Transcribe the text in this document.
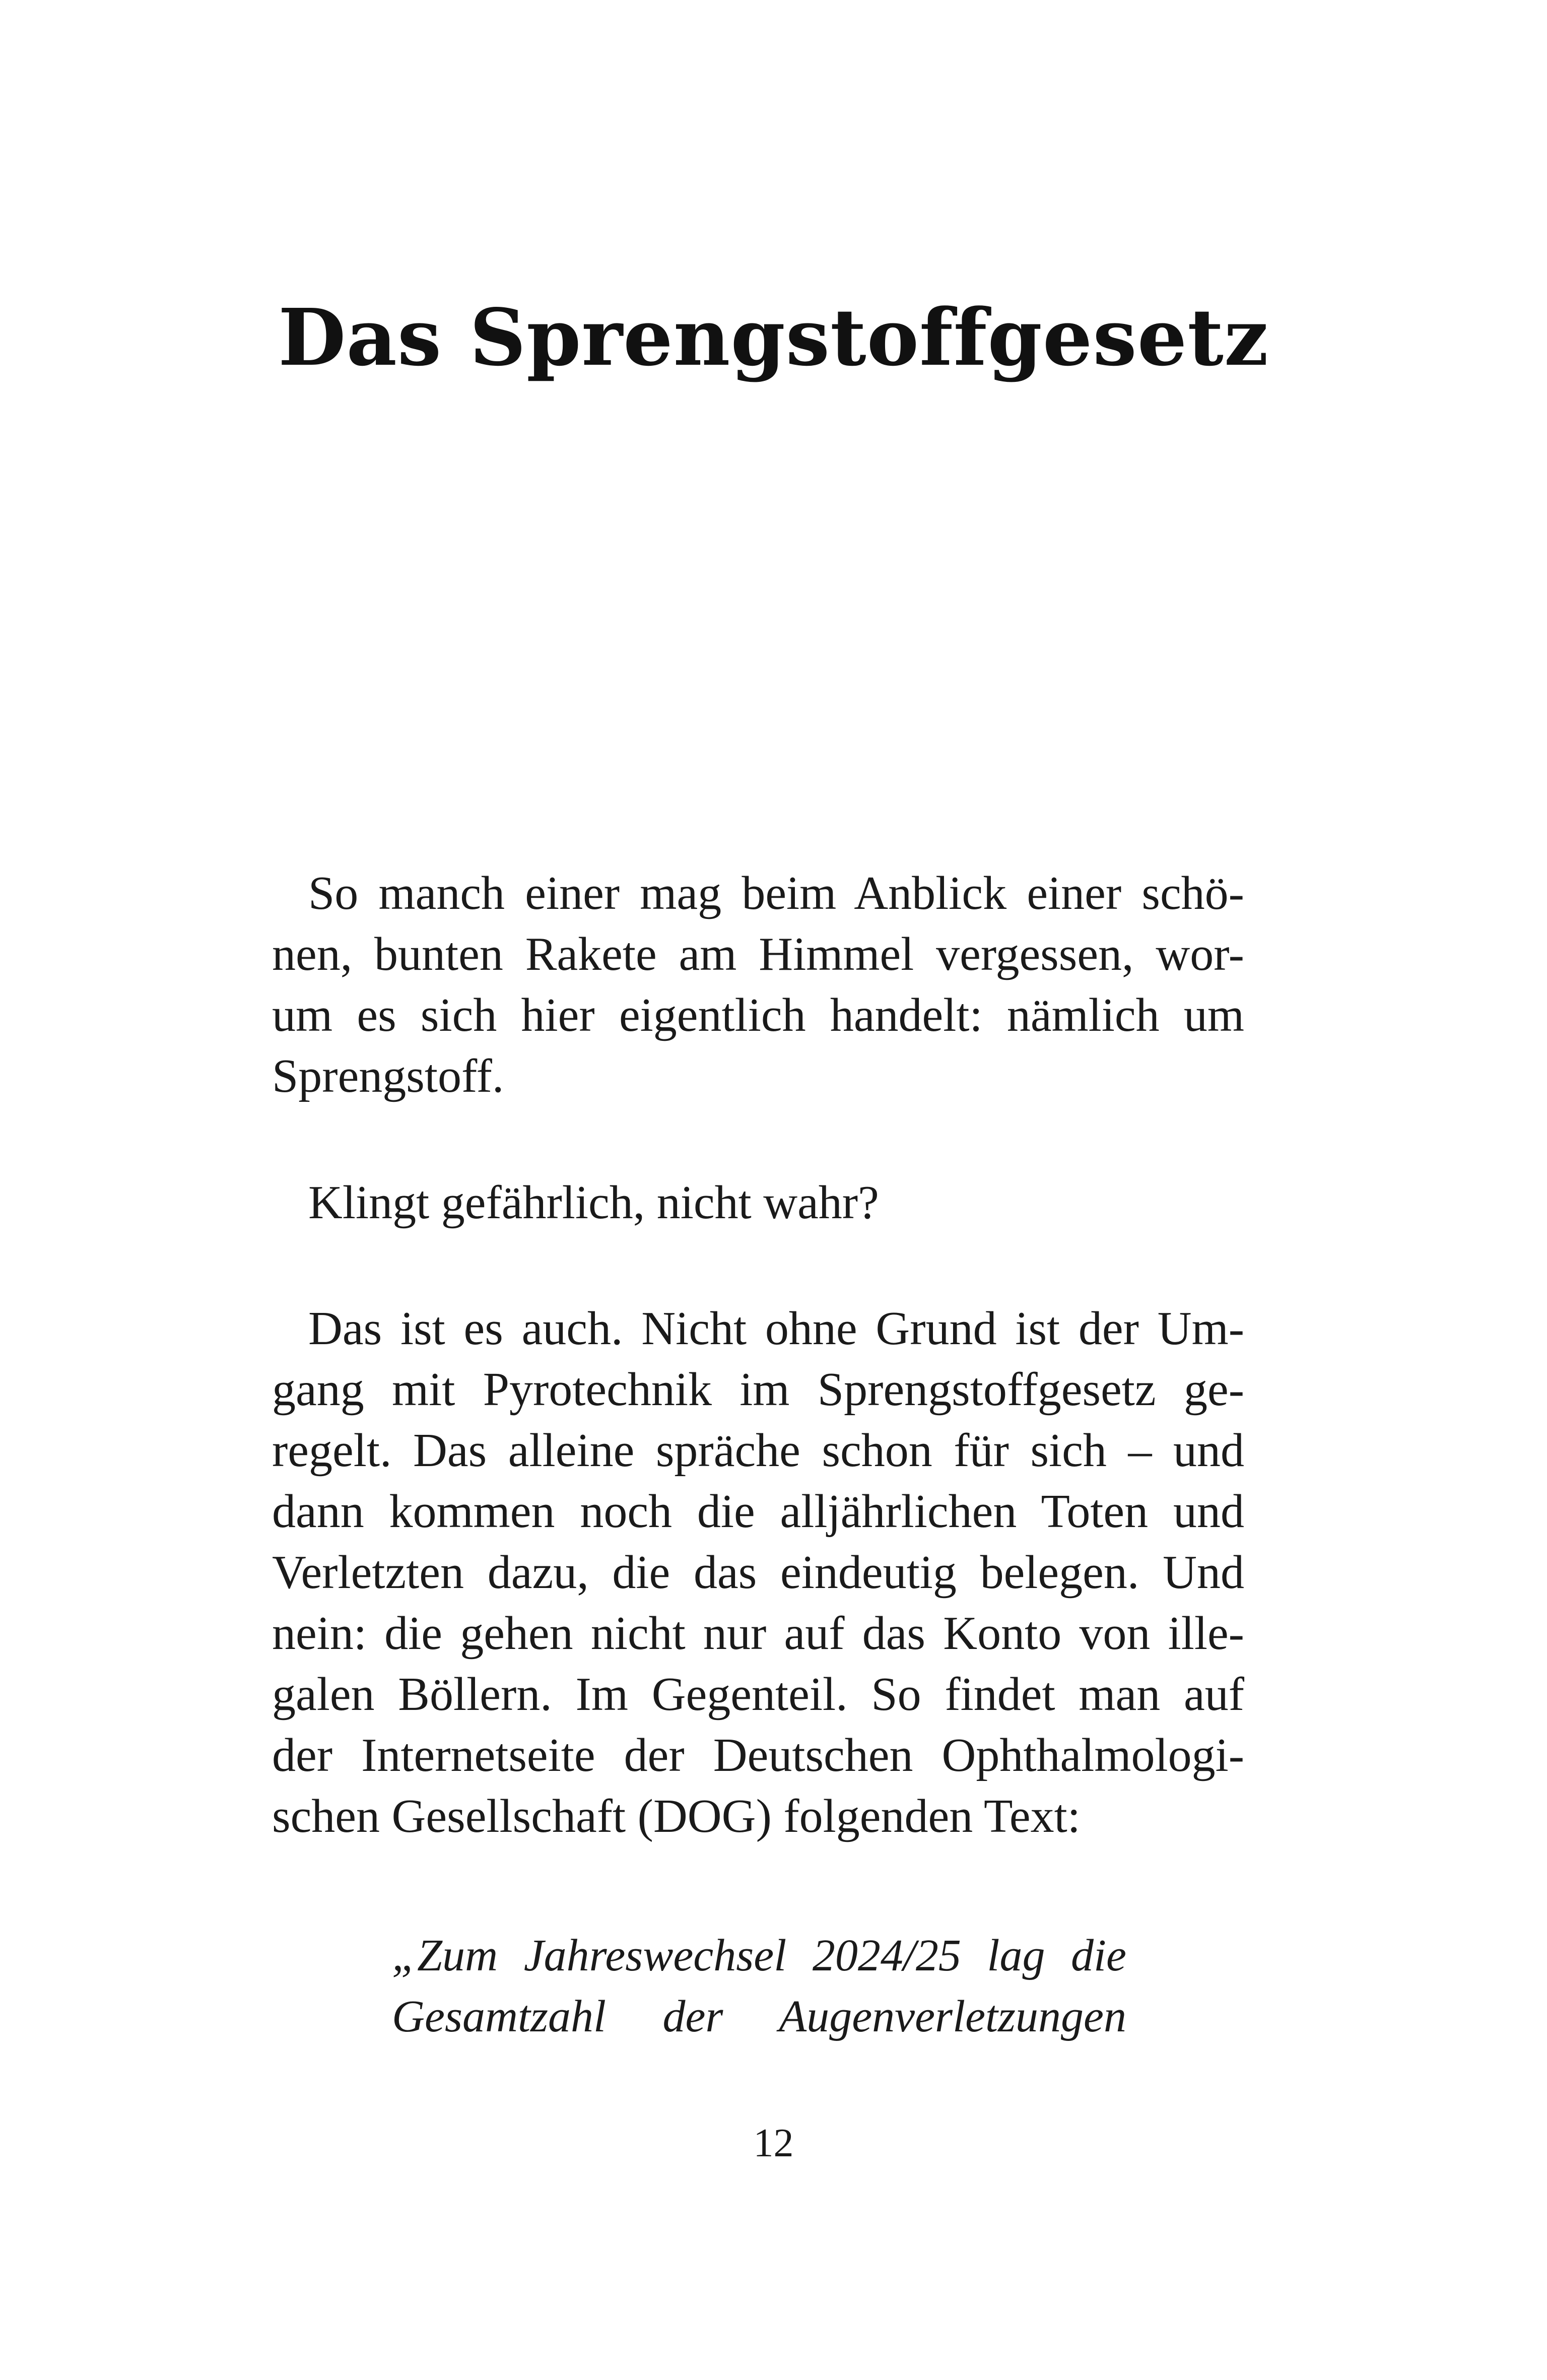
Das Sprengstoffgesetz
So manch einer mag beim Anblick einer schö-
nen, bunten Rakete am Himmel vergessen, wor-
um es sich hier eigentlich handelt: nämlich um
Sprengstoff.
Klingt gefährlich, nicht wahr?
Das ist es auch. Nicht ohne Grund ist der Um-
gang mit Pyrotechnik im Sprengstoffgesetz ge-
regelt. Das alleine spräche schon für sich – und
dann kommen noch die alljährlichen Toten und
Verletzten dazu, die das eindeutig belegen. Und
nein: die gehen nicht nur auf das Konto von ille-
galen Böllern. Im Gegenteil. So findet man auf
der Internetseite der Deutschen Ophthalmologi-
schen Gesellschaft (DOG) folgenden Text:
„Zum Jahreswechsel 2024/25 lag die
Gesamtzahl der Augenverletzungen
12
